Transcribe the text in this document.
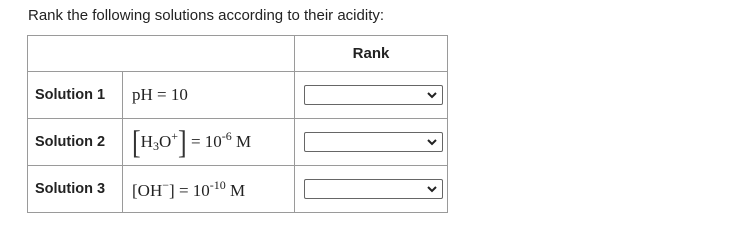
Rank the following solutions according to their acidity:
	Rank

Solution 1 pH = 10

Solution 2 $[H_3O^+] = 10^{-6}$ M

Solution 3 $[OH^-] = 10^{-10}$ M
